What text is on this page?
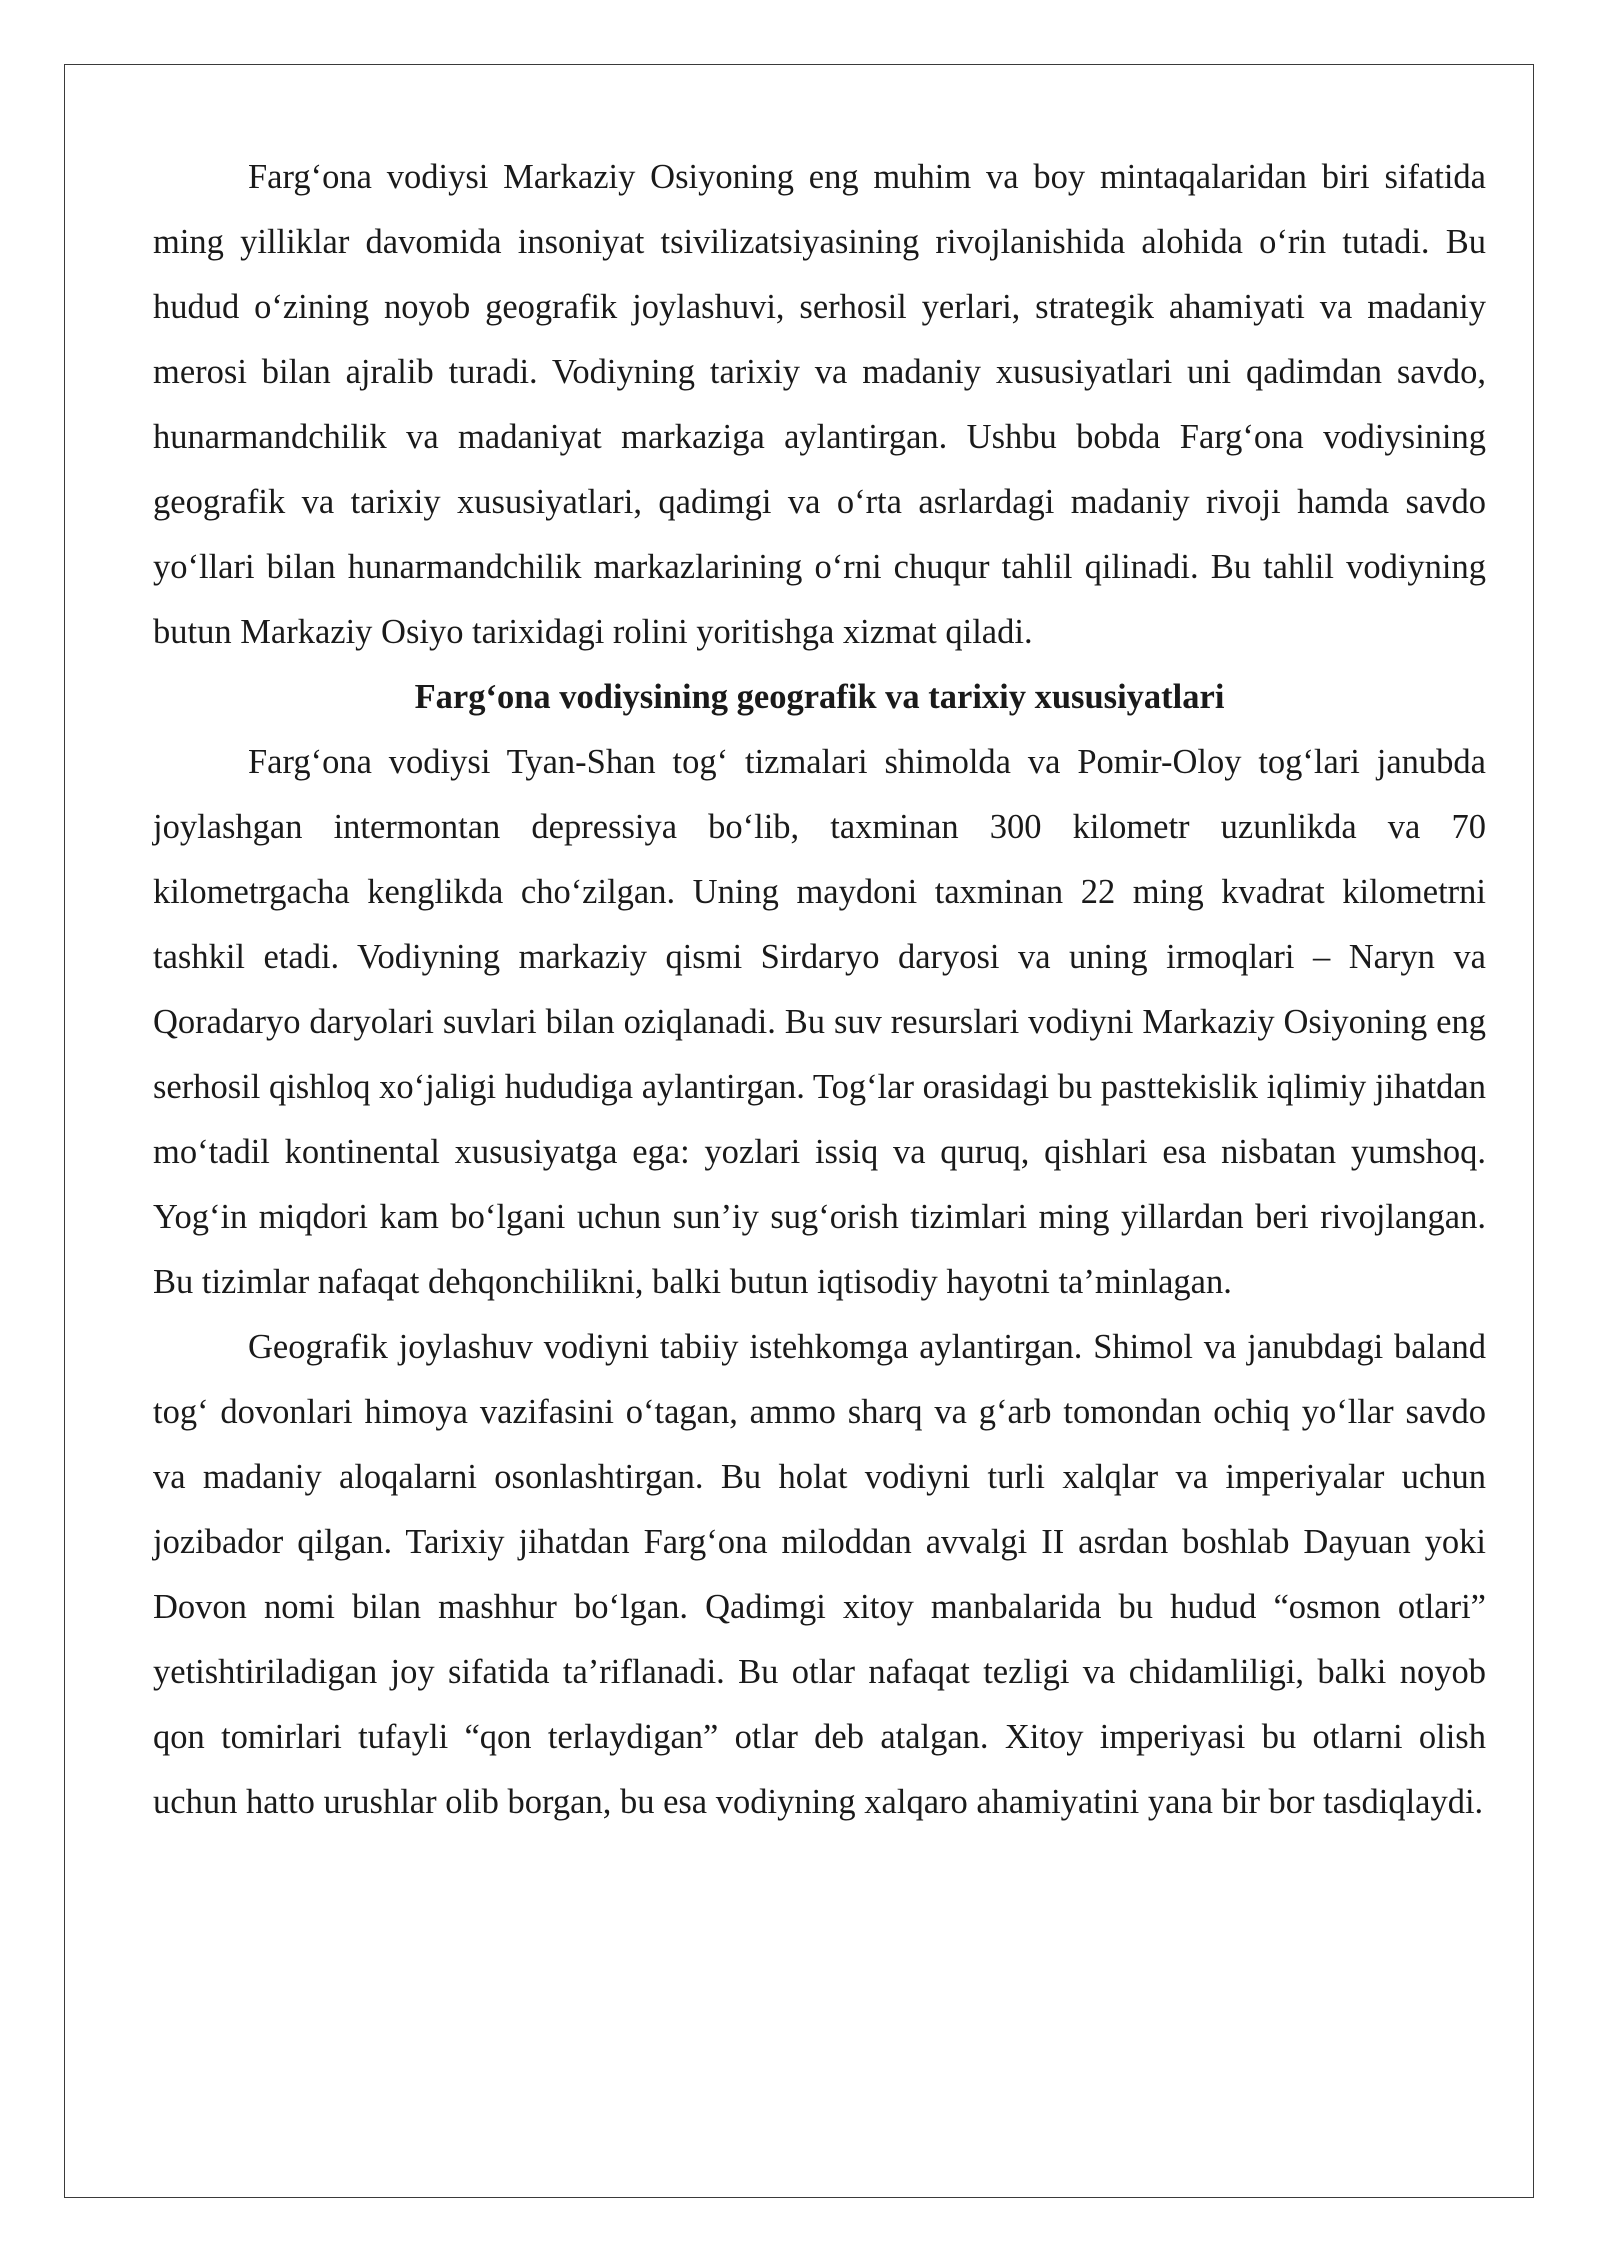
Farg‘ona vodiysi Markaziy Osiyoning eng muhim va boy mintaqalaridan biri sifatida ming yilliklar davomida insoniyat tsivilizatsiyasining rivojlanishida alohida o‘rin tutadi. Bu hudud o‘zining noyob geografik joylashuvi, serhosil yerlari, strategik ahamiyati va madaniy merosi bilan ajralib turadi. Vodiyning tarixiy va madaniy xususiyatlari uni qadimdan savdo, hunarmandchilik va madaniyat markaziga aylantirgan. Ushbu bobda Farg‘ona vodiysining geografik va tarixiy xususiyatlari, qadimgi va o‘rta asrlardagi madaniy rivoji hamda savdo yo‘llari bilan hunarmandchilik markazlarining o‘rni chuqur tahlil qilinadi. Bu tahlil vodiyning butun Markaziy Osiyo tarixidagi rolini yoritishga xizmat qiladi.

Farg‘ona vodiysining geografik va tarixiy xususiyatlari

Farg‘ona vodiysi Tyan-Shan tog‘ tizmalari shimolda va Pomir-Oloy tog‘lari janubda joylashgan intermontan depressiya bo‘lib, taxminan 300 kilometr uzunlikda va 70 kilometrgacha kenglikda cho‘zilgan. Uning maydoni taxminan 22 ming kvadrat kilometrni tashkil etadi. Vodiyning markaziy qismi Sirdaryo daryosi va uning irmoqlari – Naryn va Qoradaryo daryolari suvlari bilan oziqlanadi. Bu suv resurslari vodiyni Markaziy Osiyoning eng serhosil qishloq xo‘jaligi hududiga aylantirgan. Tog‘lar orasidagi bu pasttekislik iqlimiy jihatdan mo‘tadil kontinental xususiyatga ega: yozlari issiq va quruq, qishlari esa nisbatan yumshoq. Yog‘in miqdori kam bo‘lgani uchun sun’iy sug‘orish tizimlari ming yillardan beri rivojlangan. Bu tizimlar nafaqat dehqonchilikni, balki butun iqtisodiy hayotni ta’minlagan.

Geografik joylashuv vodiyni tabiiy istehkomga aylantirgan. Shimol va janubdagi baland tog‘ dovonlari himoya vazifasini o‘tagan, ammo sharq va g‘arb tomondan ochiq yo‘llar savdo va madaniy aloqalarni osonlashtirgan. Bu holat vodiyni turli xalqlar va imperiyalar uchun jozibador qilgan. Tarixiy jihatdan Farg‘ona miloddan avvalgi II asrdan boshlab Dayuan yoki Dovon nomi bilan mashhur bo‘lgan. Qadimgi xitoy manbalarida bu hudud “osmon otlari” yetishtiriladigan joy sifatida ta’riflanadi. Bu otlar nafaqat tezligi va chidamliligi, balki noyob qon tomirlari tufayli “qon terlaydigan” otlar deb atalgan. Xitoy imperiyasi bu otlarni olish uchun hatto urushlar olib borgan, bu esa vodiyning xalqaro ahamiyatini yana bir bor tasdiqlaydi.
